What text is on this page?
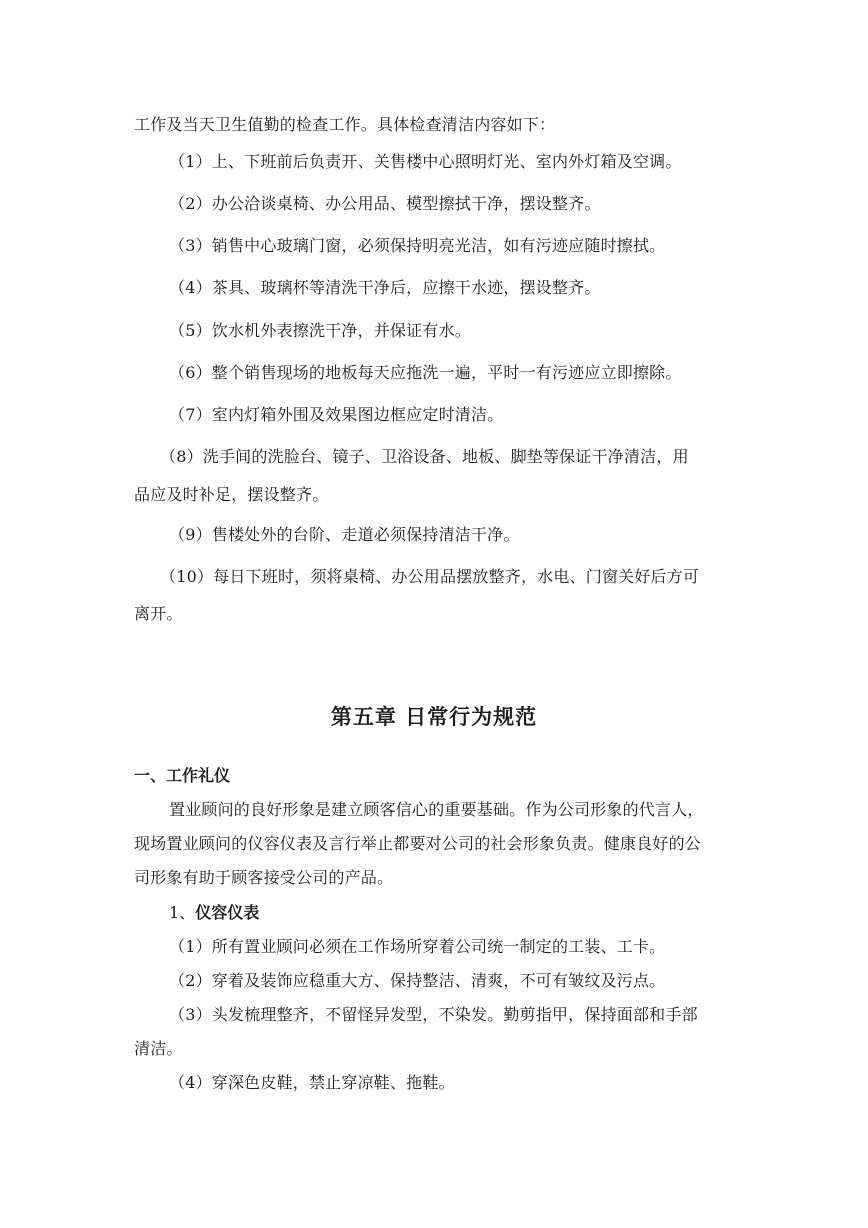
工作及当天卫生值勤的检查工作。具体检查清洁内容如下：
（1）上、下班前后负责开、关售楼中心照明灯光、室内外灯箱及空调。
（2）办公洽谈桌椅、办公用品、模型擦拭干净，摆设整齐。
（3）销售中心玻璃门窗，必须保持明亮光洁，如有污迹应随时擦拭。
（4）茶具、玻璃杯等清洗干净后，应擦干水迹，摆设整齐。
（5）饮水机外表擦洗干净，并保证有水。
（6）整个销售现场的地板每天应拖洗一遍，平时一有污迹应立即擦除。
（7）室内灯箱外围及效果图边框应定时清洁。
（8）洗手间的洗脸台、镜子、卫浴设备、地板、脚垫等保证干净清洁，用
品应及时补足，摆设整齐。
（9）售楼处外的台阶、走道必须保持清洁干净。
（10）每日下班时，须将桌椅、办公用品摆放整齐，水电、门窗关好后方可
离开。
第五章 日常行为规范
一、工作礼仪
置业顾问的良好形象是建立顾客信心的重要基础。作为公司形象的代言人，
现场置业顾问的仪容仪表及言行举止都要对公司的社会形象负责。健康良好的公
司形象有助于顾客接受公司的产品。
1、仪容仪表
（1）所有置业顾问必须在工作场所穿着公司统一制定的工装、工卡。
（2）穿着及装饰应稳重大方、保持整洁、清爽，不可有皱纹及污点。
（3）头发梳理整齐，不留怪异发型，不染发。勤剪指甲，保持面部和手部
清洁。
（4）穿深色皮鞋，禁止穿凉鞋、拖鞋。
